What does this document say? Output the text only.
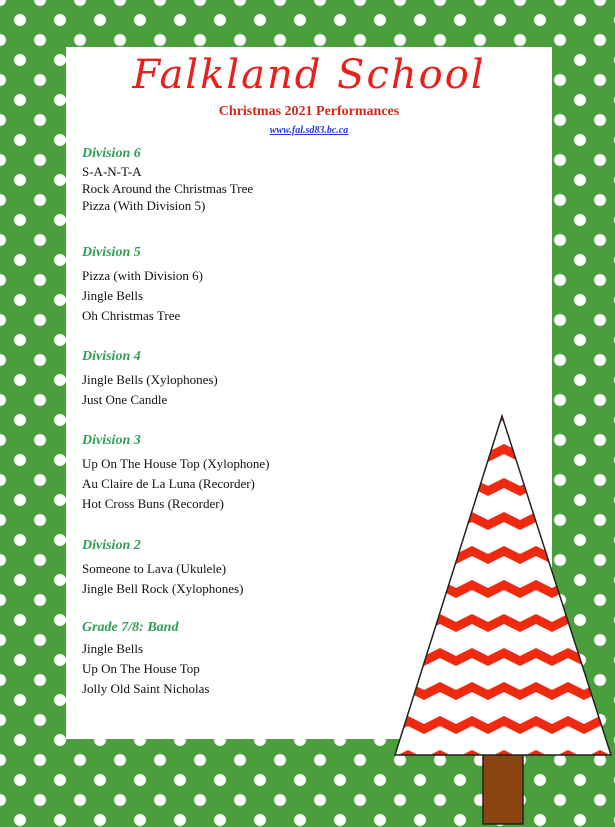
Falkland School
Christmas 2021 Performances
www.fal.sd83.bc.ca
Division 6
S-A-N-T-A
Rock Around the Christmas Tree
Pizza (With Division 5)
Division 5
Pizza (with Division 6)
Jingle Bells
Oh Christmas Tree
Division 4
Jingle Bells (Xylophones)
Just One Candle
Division 3
Up On The House Top (Xylophone)
Au Claire de La Luna (Recorder)
Hot Cross Buns (Recorder)
Division 2
Someone to Lava (Ukulele)
Jingle Bell Rock (Xylophones)
Grade 7/8: Band
Jingle Bells
Up On The House Top
Jolly Old Saint Nicholas
